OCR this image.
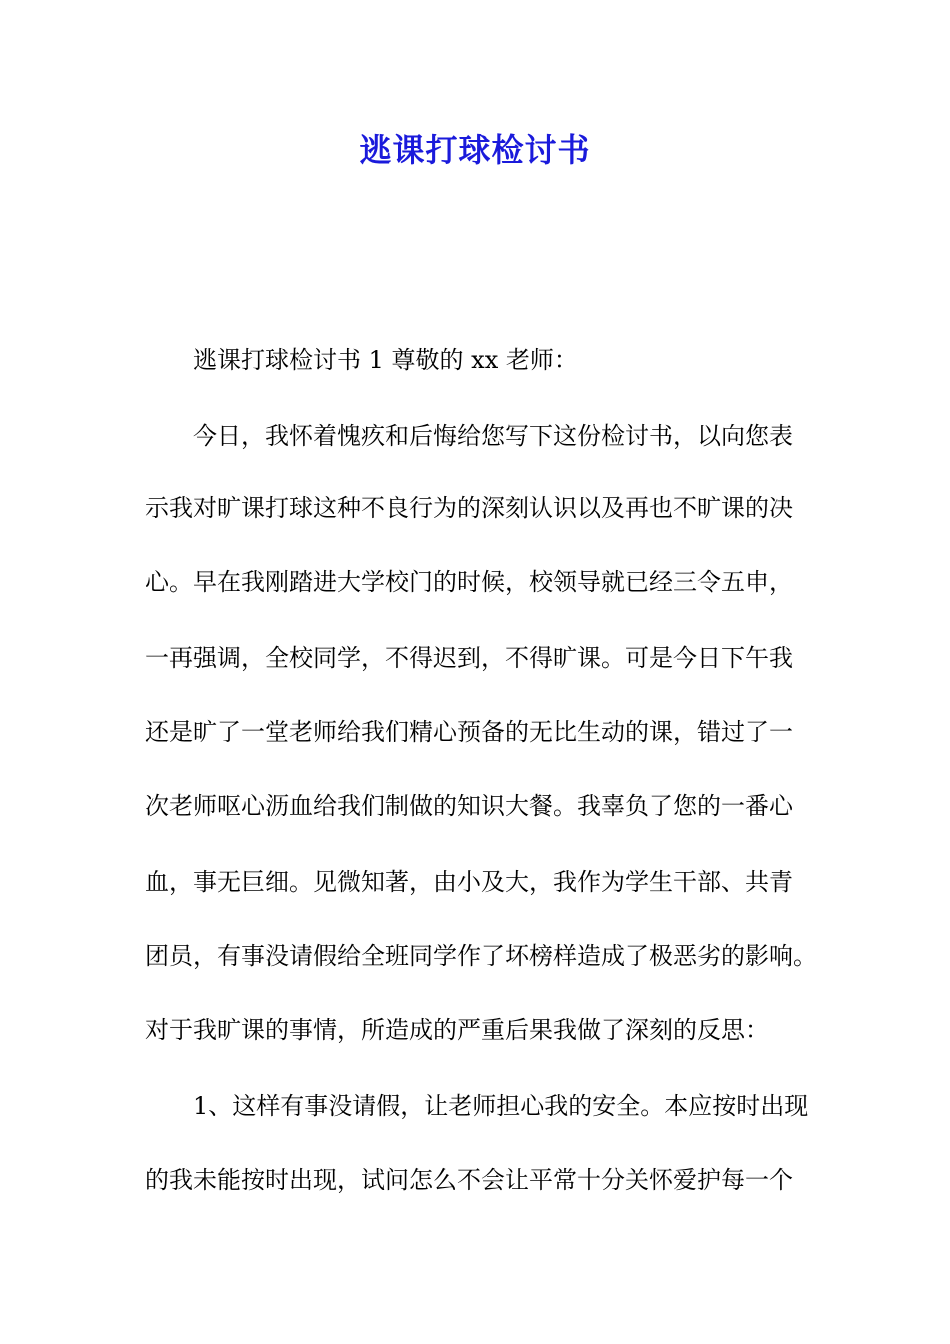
逃课打球检讨书
逃课打球检讨书 1 尊敬的 xx 老师：
今日，我怀着愧疚和后悔给您写下这份检讨书，以向您表
示我对旷课打球这种不良行为的深刻认识以及再也不旷课的决
心。早在我刚踏进大学校门的时候，校领导就已经三令五申，
一再强调，全校同学，不得迟到，不得旷课。可是今日下午我
还是旷了一堂老师给我们精心预备的无比生动的课，错过了一
次老师呕心沥血给我们制做的知识大餐。我辜负了您的一番心
血，事无巨细。见微知著，由小及大，我作为学生干部、共青
团员，有事没请假给全班同学作了坏榜样造成了极恶劣的影响。
对于我旷课的事情，所造成的严重后果我做了深刻的反思：
1、这样有事没请假，让老师担心我的安全。本应按时出现
的我未能按时出现，试问怎么不会让平常十分关怀爱护每一个
